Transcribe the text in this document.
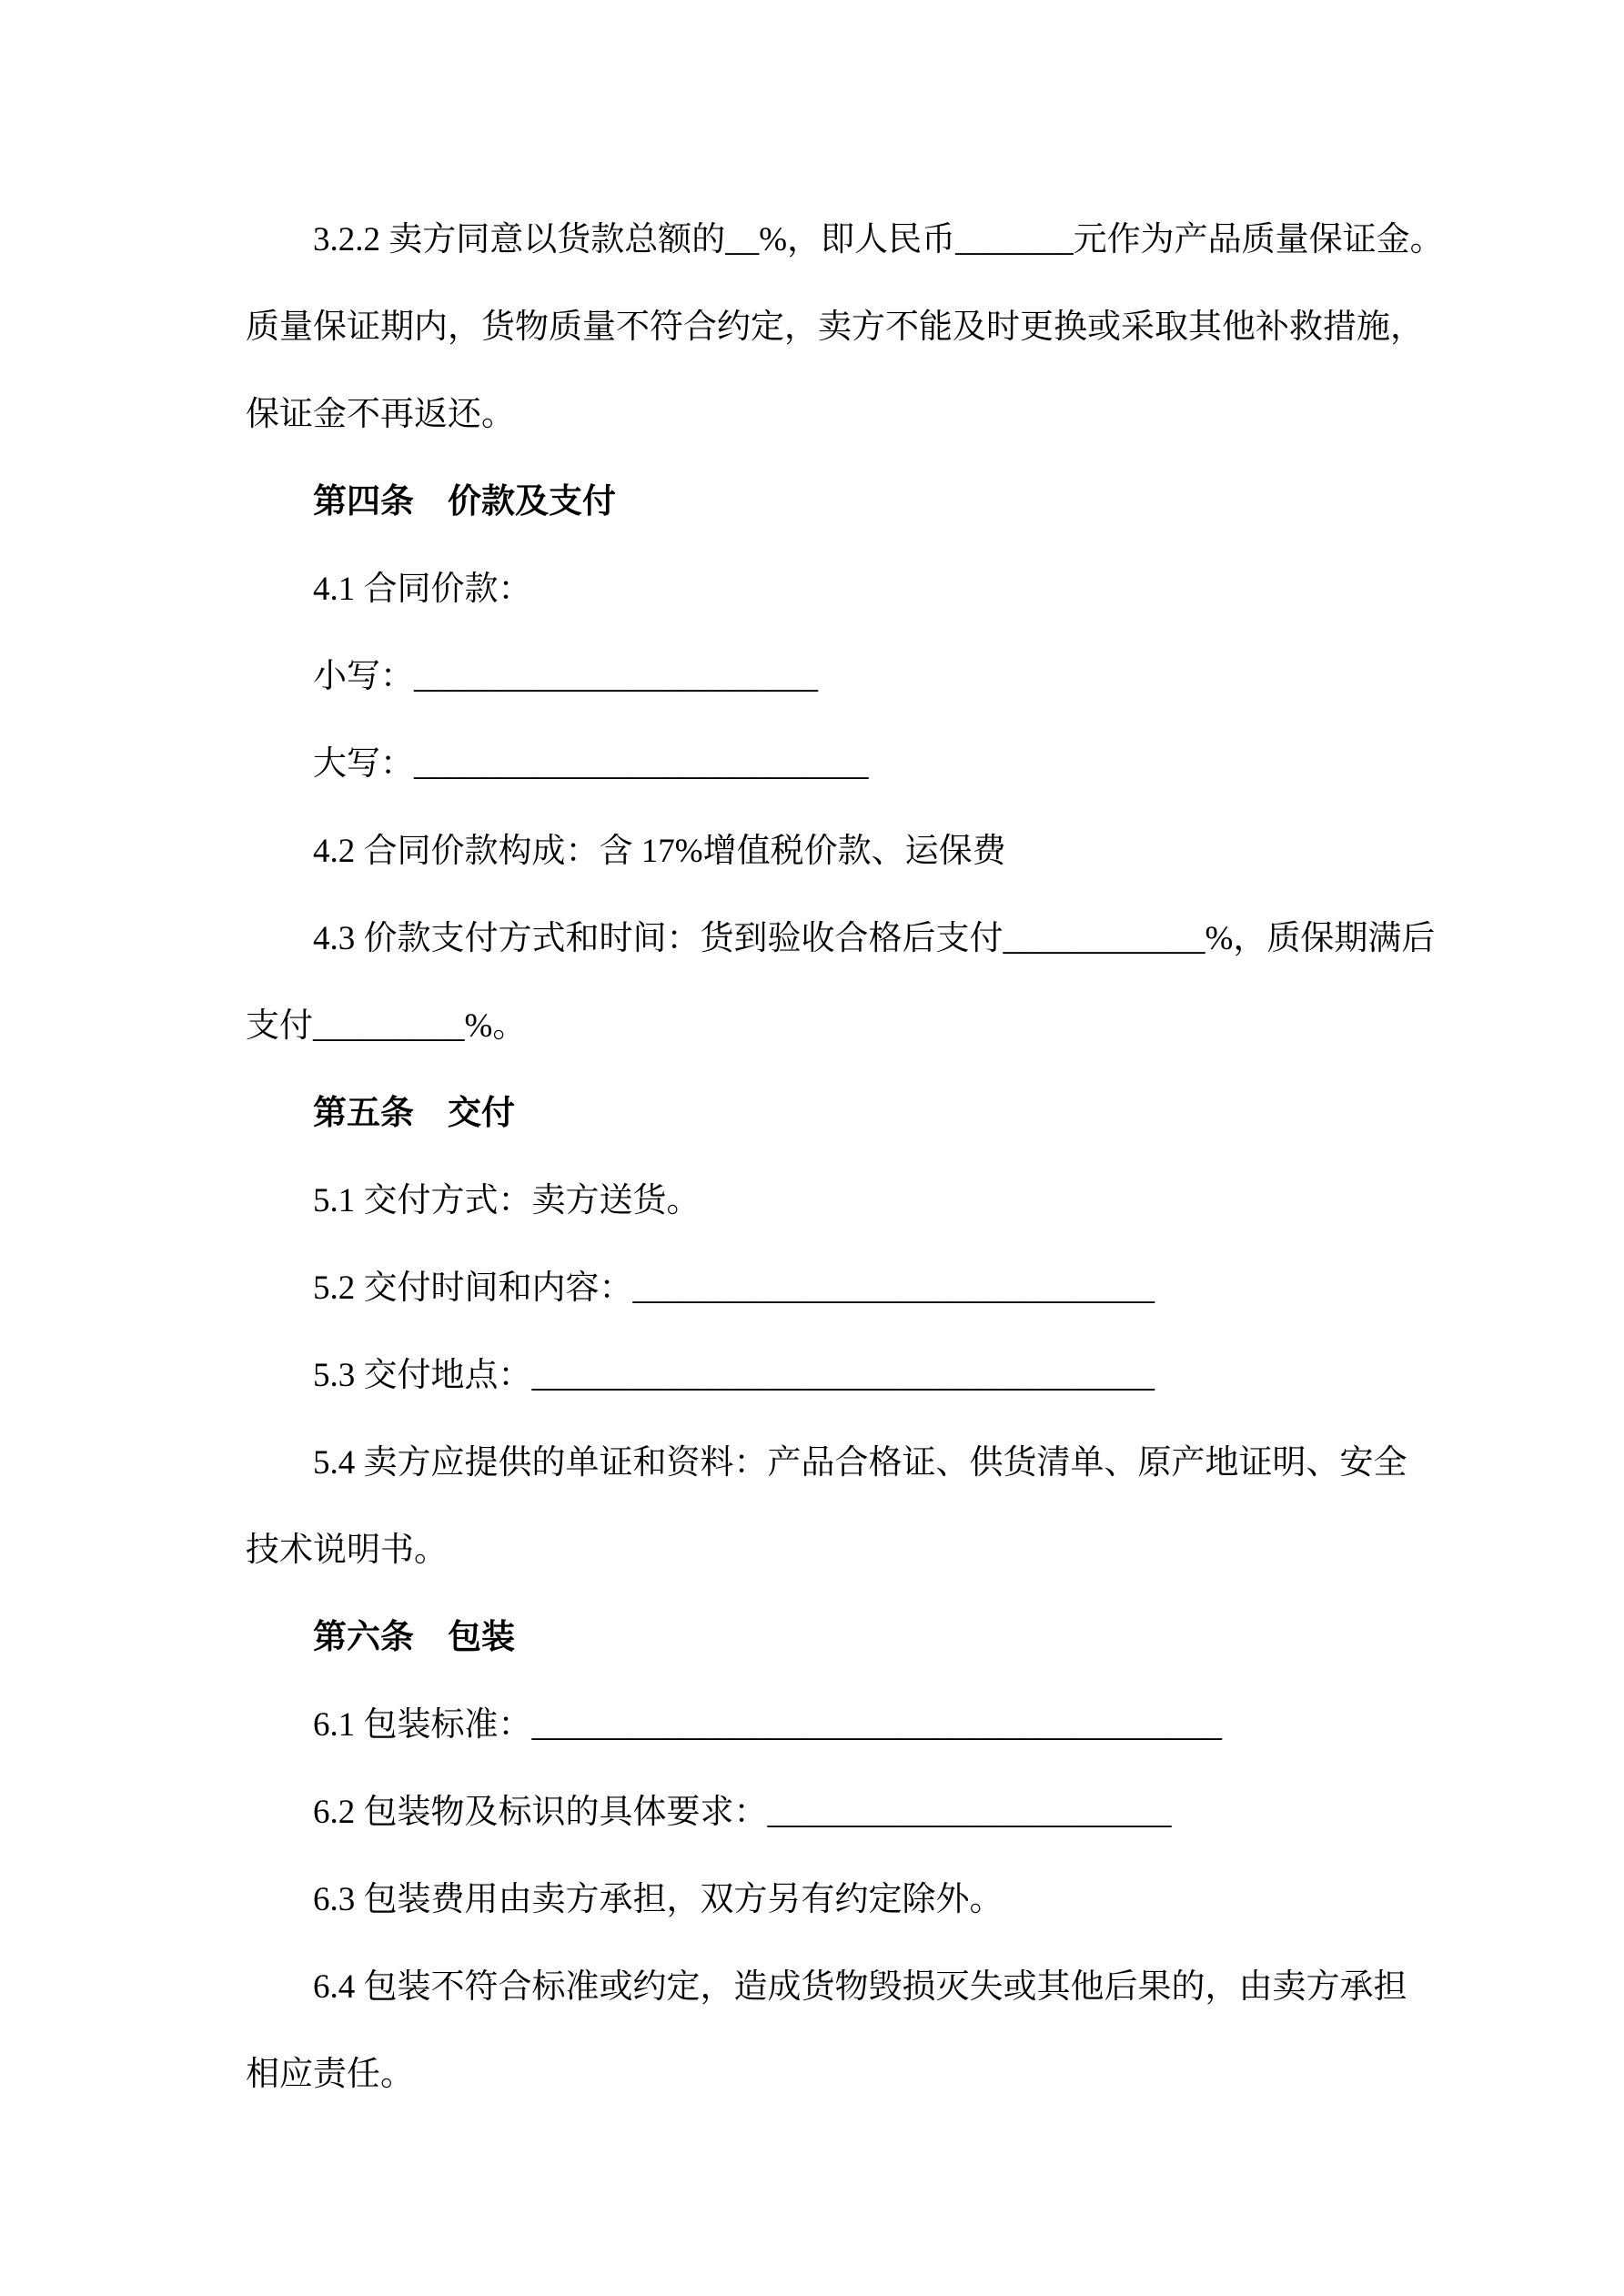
3.2.2 卖方同意以货款总额的__%，即人民币_______元作为产品质量保证金。
质量保证期内，货物质量不符合约定，卖方不能及时更换或采取其他补救措施，
保证金不再返还。
第四条　价款及支付
4.1 合同价款：
小写：________________________
大写：___________________________
4.2 合同价款构成：含 17%增值税价款、运保费
4.3 价款支付方式和时间：货到验收合格后支付____________%，质保期满后
支付_________%。
第五条　交付
5.1 交付方式：卖方送货。
5.2 交付时间和内容：_______________________________
5.3 交付地点：_____________________________________
5.4 卖方应提供的单证和资料：产品合格证、供货清单、原产地证明、安全
技术说明书。
第六条　包装
6.1 包装标准：_________________________________________
6.2 包装物及标识的具体要求：________________________
6.3 包装费用由卖方承担，双方另有约定除外。
6.4 包装不符合标准或约定，造成货物毁损灭失或其他后果的，由卖方承担
相应责任。
